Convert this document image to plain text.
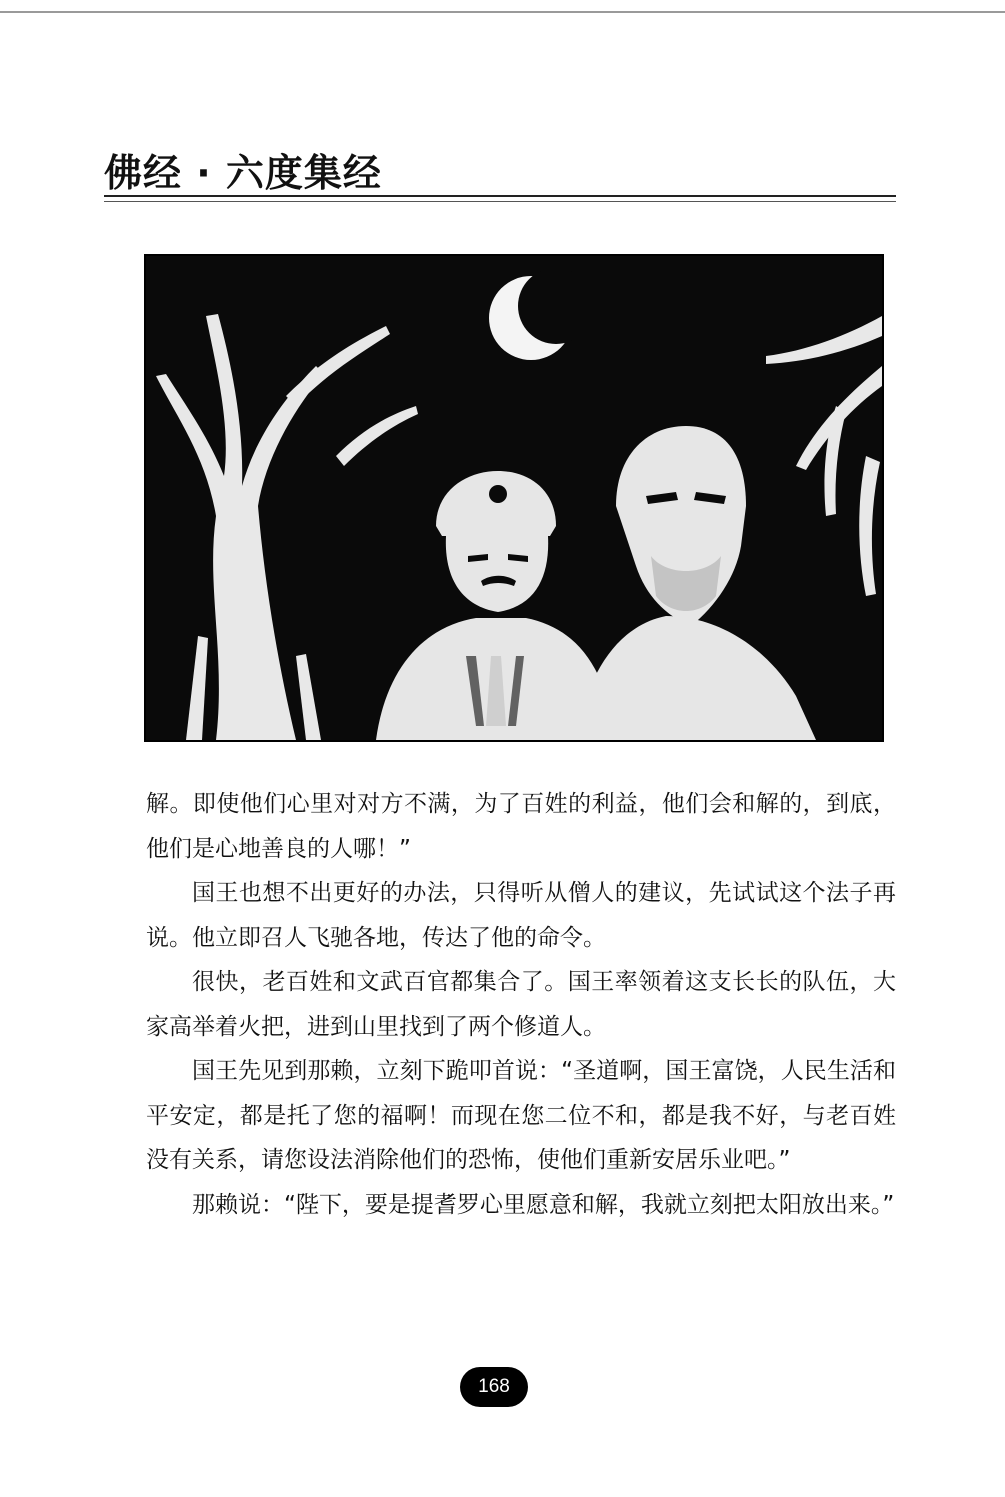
佛经 · 六度集经

解。即使他们心里对对方不满，为了百姓的利益，他们会和解的，到底，他们是心地善良的人哪！”

国王也想不出更好的办法，只得听从僧人的建议，先试试这个法子再说。他立即召人飞驰各地，传达了他的命令。

很快，老百姓和文武百官都集合了。国王率领着这支长长的队伍，大家高举着火把，进到山里找到了两个修道人。

国王先见到那赖，立刻下跪叩首说：“圣道啊，国王富饶，人民生活和平安定，都是托了您的福啊！而现在您二位不和，都是我不好，与老百姓没有关系，请您设法消除他们的恐怖，使他们重新安居乐业吧。”

那赖说：“陛下，要是提耆罗心里愿意和解，我就立刻把太阳放出来。”

168
